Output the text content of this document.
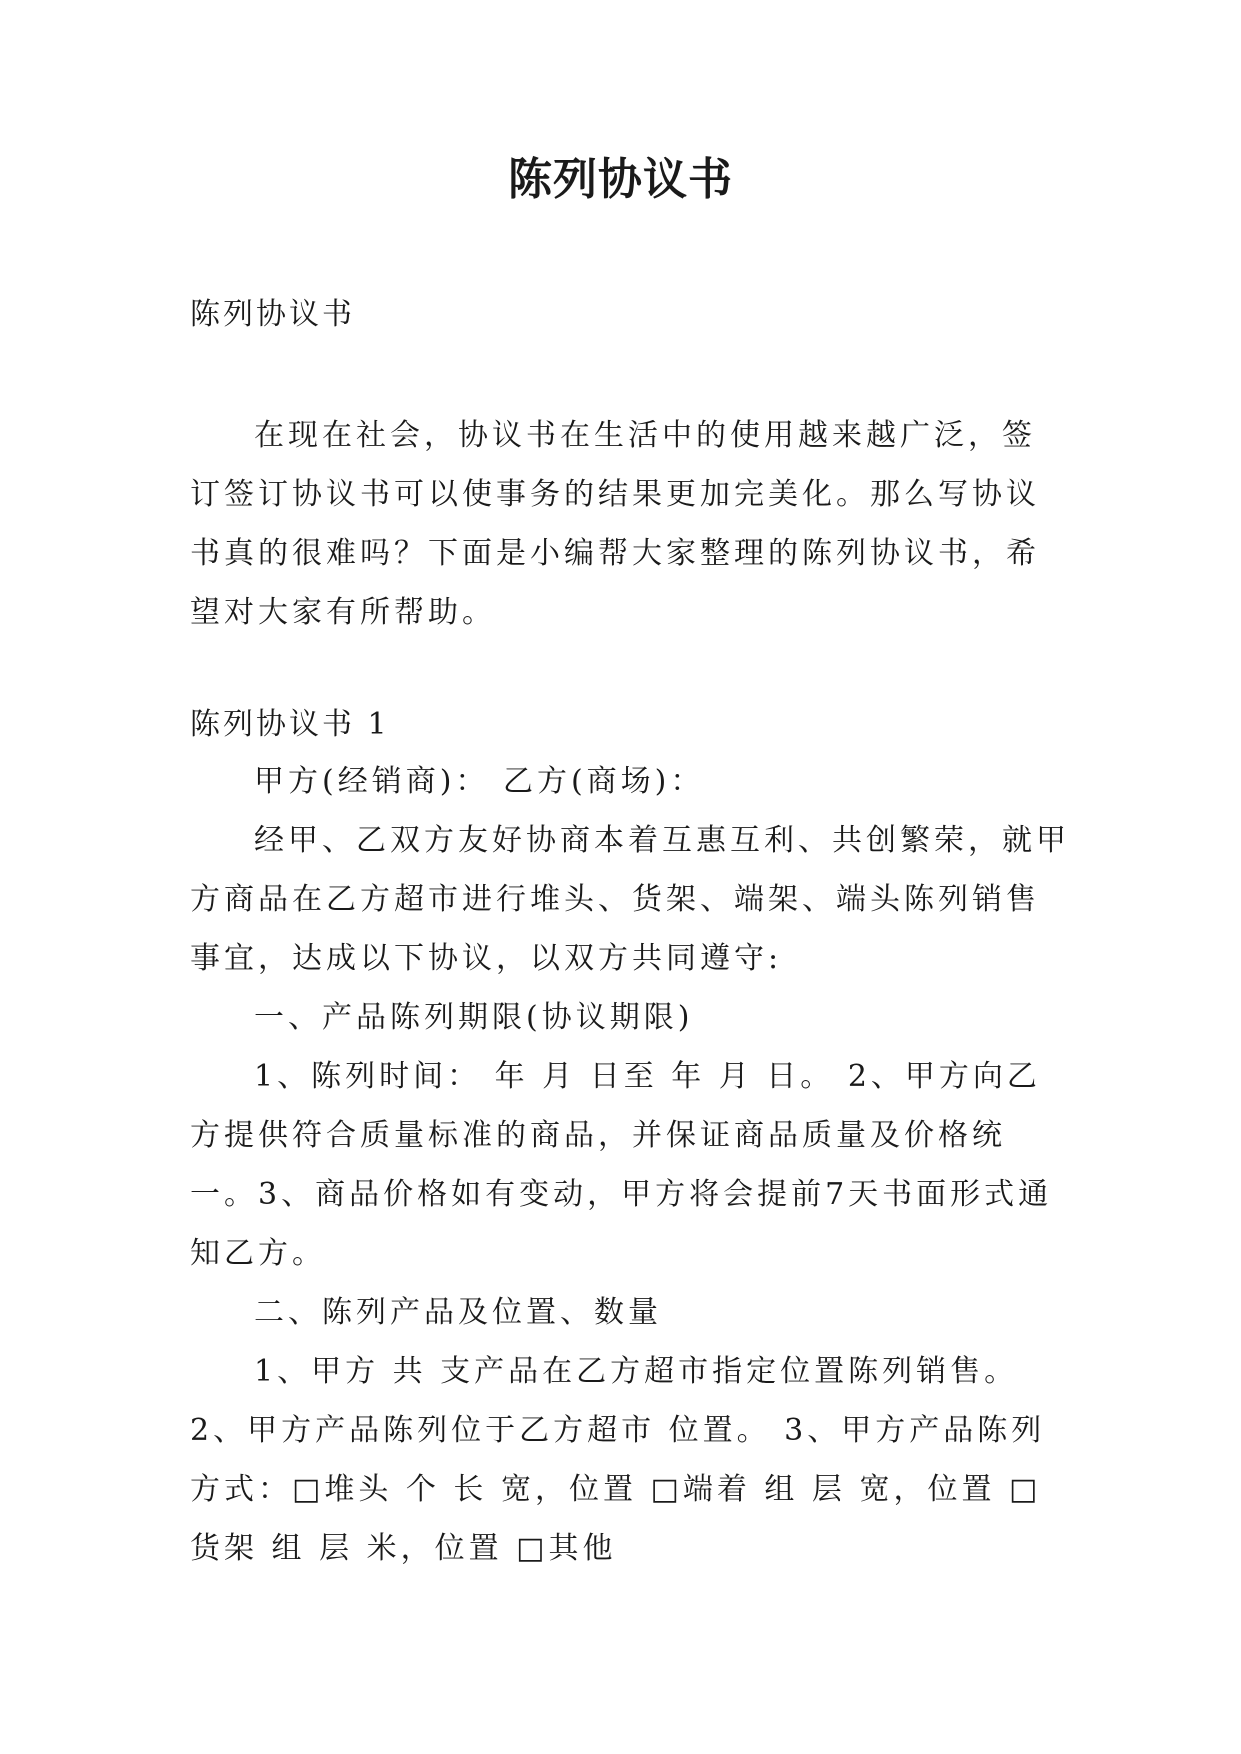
陈列协议书
陈列协议书

在现在社会，协议书在生活中的使用越来越广泛，签订签订协议书可以使事务的结果更加完美化。那么写协议书真的很难吗？下面是小编帮大家整理的陈列协议书，希望对大家有所帮助。

陈列协议书 1

甲方(经销商)： 乙方(商场)：

经甲、乙双方友好协商本着互惠互利、共创繁荣，就甲方商品在乙方超市进行堆头、货架、端架、端头陈列销售事宜，达成以下协议，以双方共同遵守:

一、产品陈列期限(协议期限)

1、陈列时间： 年 月 日至 年 月 日。 2、甲方向乙方提供符合质量标准的商品，并保证商品质量及价格统一。3、商品价格如有变动，甲方将会提前7天书面形式通知乙方。

二、陈列产品及位置、数量

1、甲方 共 支产品在乙方超市指定位置陈列销售。 2、甲方产品陈列位于乙方超市 位置。 3、甲方产品陈列方式：□堆头 个 长 宽，位置 □端着 组 层 宽，位置 □货架 组 层 米，位置 □其他
